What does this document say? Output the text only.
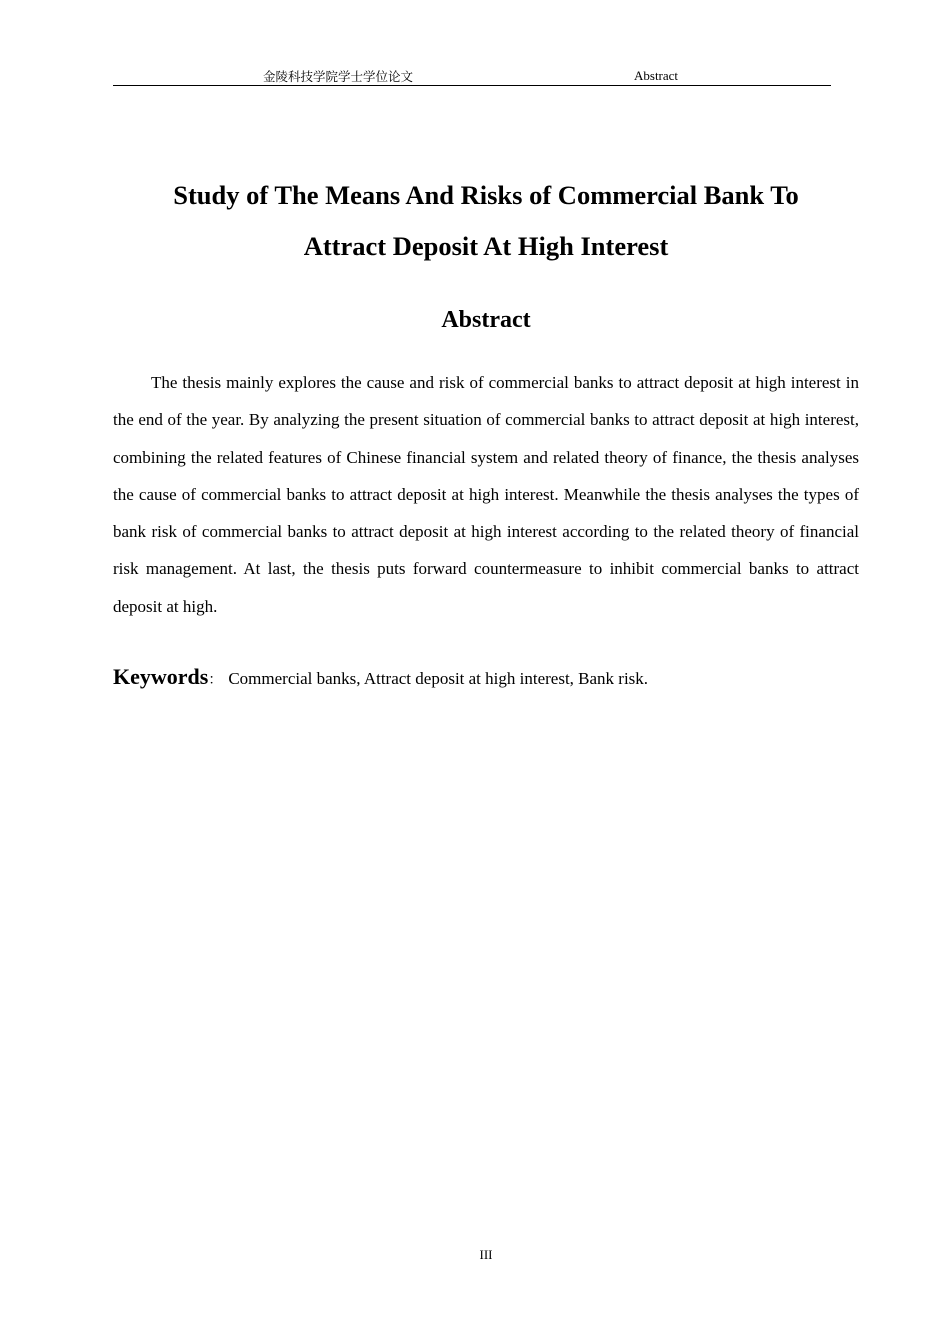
金陵科技学院学士学位论文	Abstract
Study of The Means And Risks of Commercial Bank To
Attract Deposit At High Interest
Abstract

The thesis mainly explores the cause and risk of commercial banks to attract deposit at high interest in the end of the year. By analyzing the present situation of commercial banks to attract deposit at high interest, combining the related features of Chinese financial system and related theory of finance, the thesis analyses the cause of commercial banks to attract deposit at high interest. Meanwhile the thesis analyses the types of bank risk of commercial banks to attract deposit at high interest according to the related theory of financial risk management. At last, the thesis puts forward countermeasure to inhibit commercial banks to attract deposit at high.

Keywords： Commercial banks, Attract deposit at high interest, Bank risk.
III
